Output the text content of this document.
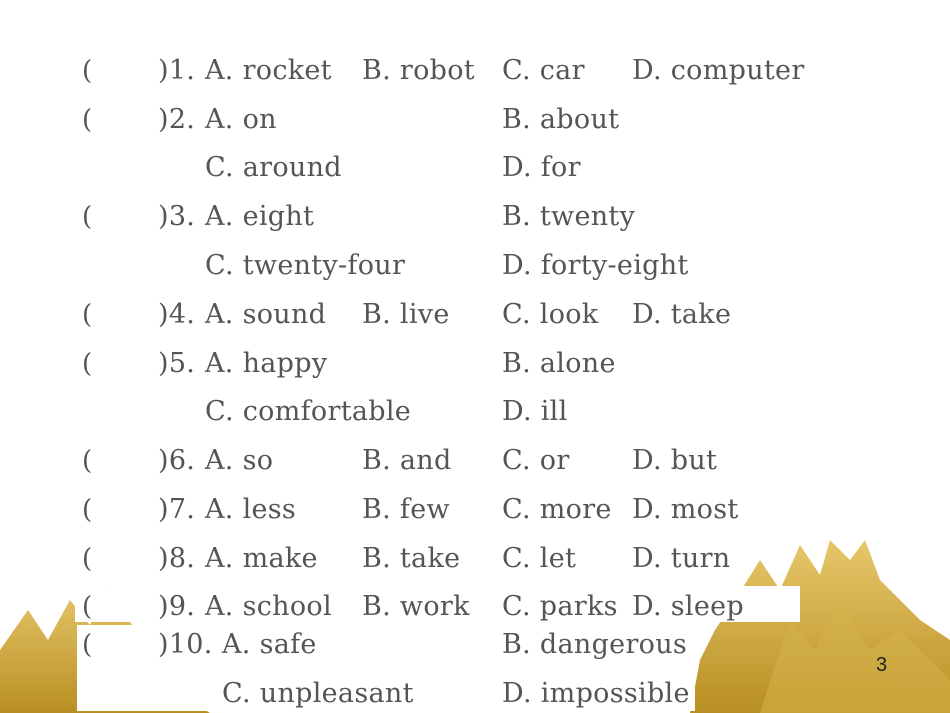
( )1. A. rocket B. robot C. car D. computer
( )2. A. on	B. about
C. around	D. for
( )3. A. eight	B. twenty
C. twenty-four	D. forty-eight
( )4. A. sound B. live C. look D. take
( )5. A. happy	B. alone
C. comfortable	D. ill
( )6. A. so	B. and C. or D. but
( )7. A. less B. few C. more D. most
( )8. A. make B. take C. let D. turn
( )9. A. school B. work C. parks D. sleep
( )10. A. safe	B. dangerous
C. unpleasant	D. impossible
3
